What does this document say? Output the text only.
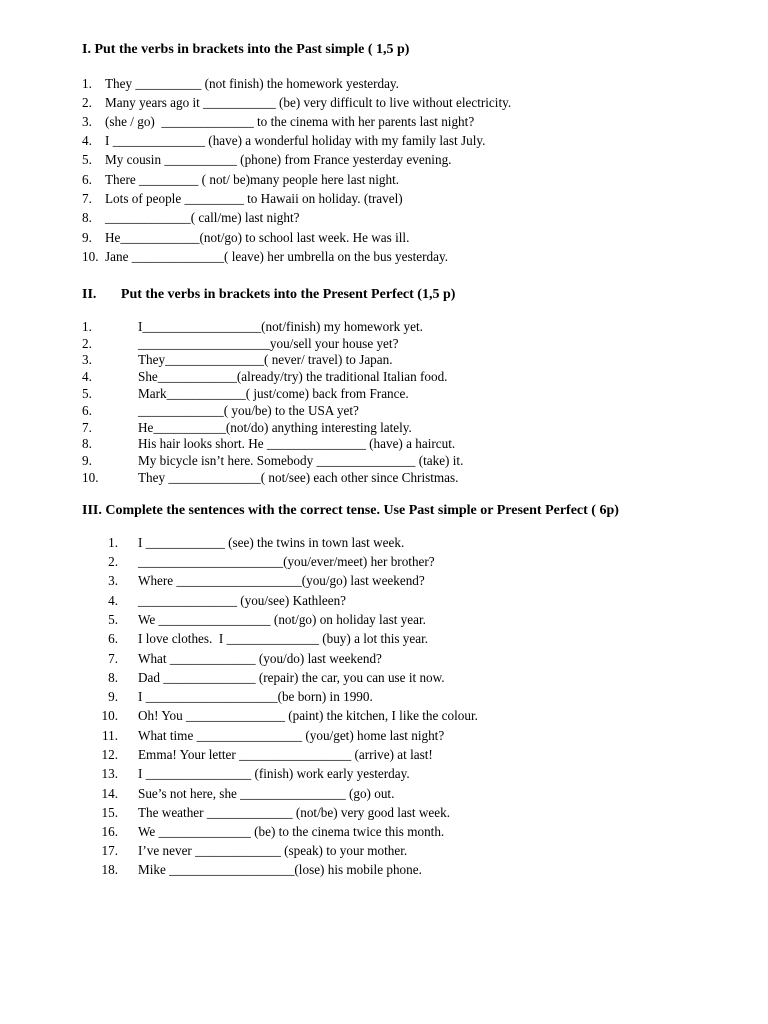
I. Put the verbs in brackets into the Past simple ( 1,5 p)
1. They __________ (not finish) the homework yesterday.
2. Many years ago it ___________ (be) very difficult to live without electricity.
3. (she / go)  ______________ to the cinema with her parents last night?
4. I ______________ (have) a wonderful holiday with my family last July.
5. My cousin ___________ (phone) from France yesterday evening.
6. There _________ ( not/ be)many people here last night.
7. Lots of people _________ to Hawaii on holiday. (travel)
8. _____________( call/me) last night?
9. He____________(not/go) to school last week. He was ill.
10. Jane ______________( leave) her umbrella on the bus yesterday.
II.       Put the verbs in brackets into the Present Perfect (1,5 p)
1.	I__________________(not/finish) my homework yet.
2.	____________________you/sell your house yet?
3.	They_______________( never/ travel) to Japan.
4.	She____________(already/try) the traditional Italian food.
5.	Mark____________( just/come) back from France.
6.	_____________( you/be) to the USA yet?
7.	He___________(not/do) anything interesting lately.
8.	His hair looks short. He _______________ (have) a haircut.
9.	My bicycle isn’t here. Somebody _______________ (take) it.
10.	They ______________( not/see) each other since Christmas.
III. Complete the sentences with the correct tense. Use Past simple or Present Perfect ( 6p)
1. I ____________ (see) the twins in town last week.
2. ______________________(you/ever/meet) her brother?
3. Where ___________________(you/go) last weekend?
4. _______________ (you/see) Kathleen?
5. We _________________ (not/go) on holiday last year.
6. I love clothes.  I ______________ (buy) a lot this year.
7. What _____________ (you/do) last weekend?
8. Dad ______________ (repair) the car, you can use it now.
9. I ____________________(be born) in 1990.
10. Oh! You _______________ (paint) the kitchen, I like the colour.
11. What time ________________ (you/get) home last night?
12. Emma! Your letter _________________ (arrive) at last!
13. I ________________ (finish) work early yesterday.
14. Sue’s not here, she ________________ (go) out.
15. The weather _____________ (not/be) very good last week.
16. We ______________ (be) to the cinema twice this month.
17. I’ve never _____________ (speak) to your mother.
18. Mike ___________________(lose) his mobile phone.
